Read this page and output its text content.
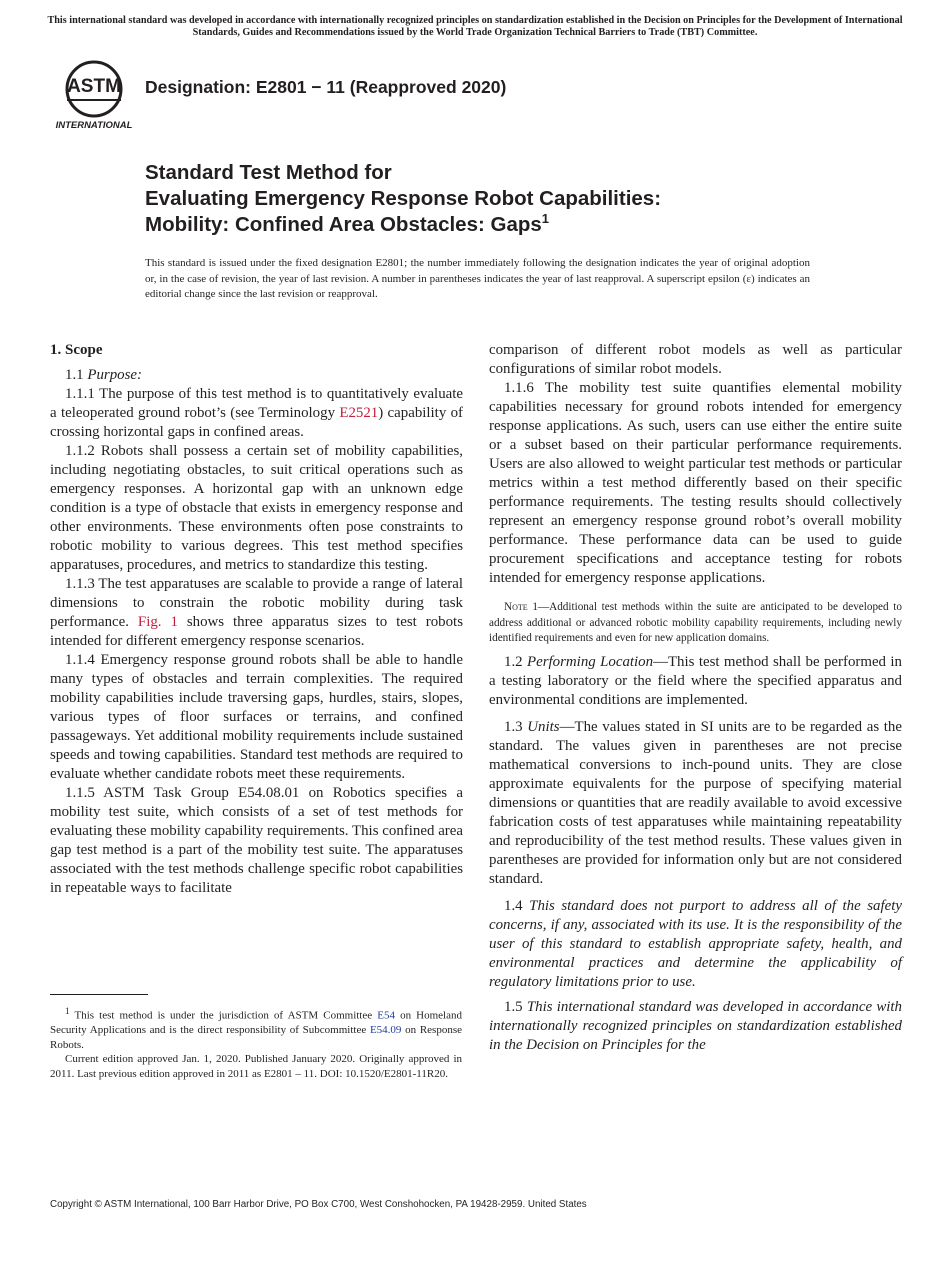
This international standard was developed in accordance with internationally recognized principles on standardization established in the Decision on Principles for the Development of International Standards, Guides and Recommendations issued by the World Trade Organization Technical Barriers to Trade (TBT) Committee.
ASTM
INTERNATIONAL
Designation: E2801 − 11 (Reapproved 2020)
Standard Test Method for
Evaluating Emergency Response Robot Capabilities:
Mobility: Confined Area Obstacles: Gaps$^1$
This standard is issued under the fixed designation E2801; the number immediately following the designation indicates the year of original adoption or, in the case of revision, the year of last revision. A number in parentheses indicates the year of last reapproval. A superscript epsilon (ε) indicates an editorial change since the last revision or reapproval.
1. Scope

1.1 Purpose:

1.1.1 The purpose of this test method is to quantitatively evaluate a teleoperated ground robot’s (see Terminology E2521) capability of crossing horizontal gaps in confined areas.

1.1.2 Robots shall possess a certain set of mobility capabilities, including negotiating obstacles, to suit critical operations such as emergency responses. A horizontal gap with an unknown edge condition is a type of obstacle that exists in emergency response and other environments. These environments often pose constraints to robotic mobility to various degrees. This test method specifies apparatuses, procedures, and metrics to standardize this testing.

1.1.3 The test apparatuses are scalable to provide a range of lateral dimensions to constrain the robotic mobility during task performance. Fig. 1 shows three apparatus sizes to test robots intended for different emergency response scenarios.

1.1.4 Emergency response ground robots shall be able to handle many types of obstacles and terrain complexities. The required mobility capabilities include traversing gaps, hurdles, stairs, slopes, various types of floor surfaces or terrains, and confined passageways. Yet additional mobility requirements include sustained speeds and towing capabilities. Standard test methods are required to evaluate whether candidate robots meet these requirements.

1.1.5 ASTM Task Group E54.08.01 on Robotics specifies a mobility test suite, which consists of a set of test methods for evaluating these mobility capability requirements. This confined area gap test method is a part of the mobility test suite. The apparatuses associated with the test methods challenge specific robot capabilities in repeatable ways to facilitate

comparison of different robot models as well as particular configurations of similar robot models.

1.1.6 The mobility test suite quantifies elemental mobility capabilities necessary for ground robots intended for emergency response applications. As such, users can use either the entire suite or a subset based on their particular performance requirements. Users are also allowed to weight particular test methods or particular metrics within a test method differently based on their specific performance requirements. The testing results should collectively represent an emergency response ground robot’s overall mobility performance. These performance data can be used to guide procurement specifications and acceptance testing for robots intended for emergency response applications.

Note 1—Additional test methods within the suite are anticipated to be developed to address additional or advanced robotic mobility capability requirements, including newly identified requirements and even for new application domains.

1.2 Performing Location—This test method shall be performed in a testing laboratory or the field where the specified apparatus and environmental conditions are implemented.

1.3 Units—The values stated in SI units are to be regarded as the standard. The values given in parentheses are not precise mathematical conversions to inch-pound units. They are close approximate equivalents for the purpose of specifying material dimensions or quantities that are readily available to avoid excessive fabrication costs of test apparatuses while maintaining repeatability and reproducibility of the test method results. These values given in parentheses are provided for information only but are not considered standard.

1.4 This standard does not purport to address all of the safety concerns, if any, associated with its use. It is the responsibility of the user of this standard to establish appropriate safety, health, and environmental practices and determine the applicability of regulatory limitations prior to use.

1.5 This international standard was developed in accordance with internationally recognized principles on standardization established in the Decision on Principles for the

$^1$ This test method is under the jurisdiction of ASTM Committee E54 on Homeland Security Applications and is the direct responsibility of Subcommittee E54.09 on Response Robots.

Current edition approved Jan. 1, 2020. Published January 2020. Originally approved in 2011. Last previous edition approved in 2011 as E2801 – 11. DOI: 10.1520/E2801-11R20.

Copyright © ASTM International, 100 Barr Harbor Drive, PO Box C700, West Conshohocken, PA 19428-2959. United States
